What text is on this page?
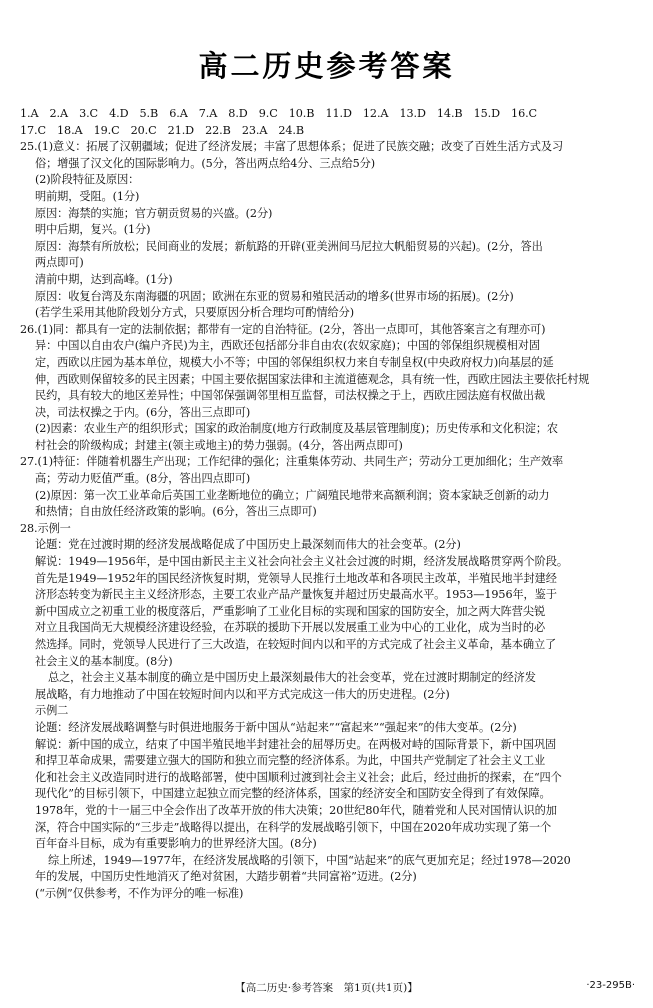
高二历史参考答案
1.A　2.A　3.C　4.D　5.B　6.A　7.A　8.D　9.C　10.B　11.D　12.A　13.D　14.B　15.D　16.C
17.C　18.A　19.C　20.C　21.D　22.B　23.A　24.B
25.(1)意义：拓展了汉朝疆域；促进了经济发展；丰富了思想体系；促进了民族交融；改变了百姓生活方式及习
俗；增强了汉文化的国际影响力。(5分，答出两点给4分、三点给5分)
(2)阶段特征及原因：
明前期，受阻。(1分)
原因：海禁的实施；官方朝贡贸易的兴盛。(2分)
明中后期，复兴。(1分)
原因：海禁有所放松；民间商业的发展；新航路的开辟(亚美洲间马尼拉大帆船贸易的兴起)。(2分，答出
两点即可)
清前中期，达到高峰。(1分)
原因：收复台湾及东南海疆的巩固；欧洲在东亚的贸易和殖民活动的增多(世界市场的拓展)。(2分)
(若学生采用其他阶段划分方式，只要原因分析合理均可酌情给分)
26.(1)同：都具有一定的法制依据；都带有一定的自治特征。(2分，答出一点即可，其他答案言之有理亦可)
异：中国以自由农户(编户齐民)为主，西欧还包括部分非自由农(农奴家庭)；中国的邻保组织规模相对固
定，西欧以庄园为基本单位，规模大小不等；中国的邻保组织权力来自专制皇权(中央政府权力)向基层的延
伸，西欧则保留较多的民主因素；中国主要依据国家法律和主流道德观念，具有统一性，西欧庄园法主要依托村规
民约，具有较大的地区差异性；中国邻保强调邻里相互监督，司法权操之于上，西欧庄园法庭有权做出裁
决，司法权操之于内。(6分，答出三点即可)
(2)因素：农业生产的组织形式；国家的政治制度(地方行政制度及基层管理制度)；历史传承和文化积淀；农
村社会的阶级构成；封建主(领主或地主)的势力强弱。(4分，答出两点即可)
27.(1)特征：伴随着机器生产出现；工作纪律的强化；注重集体劳动、共同生产；劳动分工更加细化；生产效率
高；劳动力贬值严重。(8分，答出四点即可)
(2)原因：第一次工业革命后英国工业垄断地位的确立；广阔殖民地带来高额利润；资本家缺乏创新的动力
和热情；自由放任经济政策的影响。(6分，答出三点即可)
28.示例一
论题：党在过渡时期的经济发展战略促成了中国历史上最深刻而伟大的社会变革。(2分)
解说：1949—1956年，是中国由新民主主义社会向社会主义社会过渡的时期，经济发展战略贯穿两个阶段。
首先是1949—1952年的国民经济恢复时期，党领导人民推行土地改革和各项民主改革，半殖民地半封建经
济形态转变为新民主主义经济形态，主要工农业产品产量恢复并超过历史最高水平。1953—1956年，鉴于
新中国成立之初重工业的极度落后，严重影响了工业化目标的实现和国家的国防安全，加之两大阵营尖锐
对立且我国尚无大规模经济建设经验，在苏联的援助下开展以发展重工业为中心的工业化，成为当时的必
然选择。同时，党领导人民进行了三大改造，在较短时间内以和平的方式完成了社会主义革命，基本确立了
社会主义的基本制度。(8分)
总之，社会主义基本制度的确立是中国历史上最深刻最伟大的社会变革，党在过渡时期制定的经济发
展战略，有力地推动了中国在较短时间内以和平方式完成这一伟大的历史进程。(2分)
示例二
论题：经济发展战略调整与时俱进地服务于新中国从“站起来”“富起来”“强起来”的伟大变革。(2分)
解说：新中国的成立，结束了中国半殖民地半封建社会的屈辱历史。在两极对峙的国际背景下，新中国巩固
和捍卫革命成果，需要建立强大的国防和独立而完整的经济体系。为此，中国共产党制定了社会主义工业
化和社会主义改造同时进行的战略部署，使中国顺利过渡到社会主义社会；此后，经过曲折的探索，在“四个
现代化”的目标引领下，中国建立起独立而完整的经济体系，国家的经济安全和国防安全得到了有效保障。
1978年，党的十一届三中全会作出了改革开放的伟大决策；20世纪80年代，随着党和人民对国情认识的加
深，符合中国实际的“三步走”战略得以提出，在科学的发展战略引领下，中国在2020年成功实现了第一个
百年奋斗目标，成为有重要影响力的世界经济大国。(8分)
综上所述，1949—1977年，在经济发展战略的引领下，中国“站起来”的底气更加充足；经过1978—2020
年的发展，中国历史性地消灭了绝对贫困，大踏步朝着“共同富裕”迈进。(2分)
(“示例”仅供参考，不作为评分的唯一标准)
【高二历史·参考答案　第1页(共1页)】	·23-295B·
